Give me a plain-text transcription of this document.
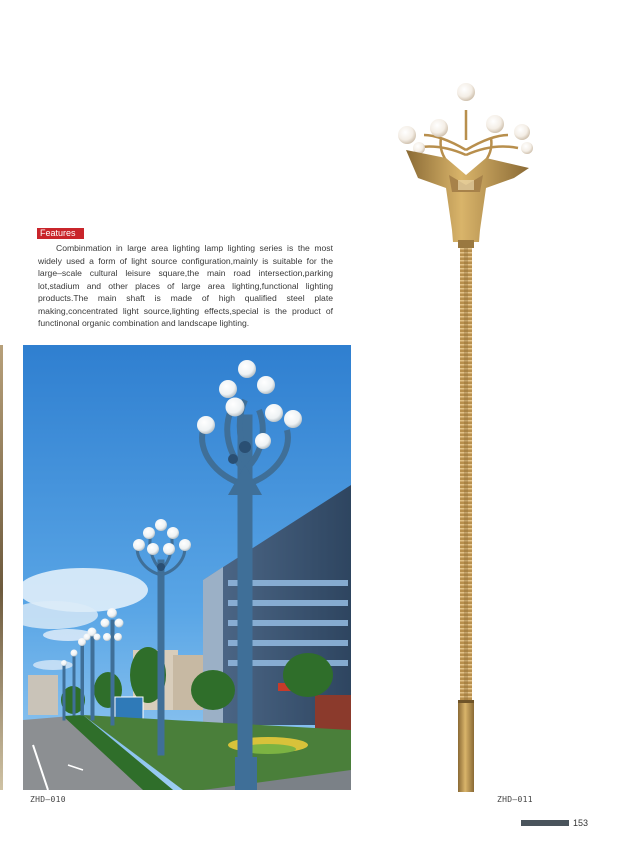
Features

Combinmation in large area lighting lamp lighting series is the most widely used a form of light source configuration,mainly is suitable for the large–scale cultural leisure square,the main road intersection,parking lot,stadium and other places of large area lighting,functional lighting products.The main shaft is made of high qualified steel plate making,concentrated light source,lighting effects,special is the product of functinonal organic combination and landscape lighting.

ZHD–010	ZHD–011
153
